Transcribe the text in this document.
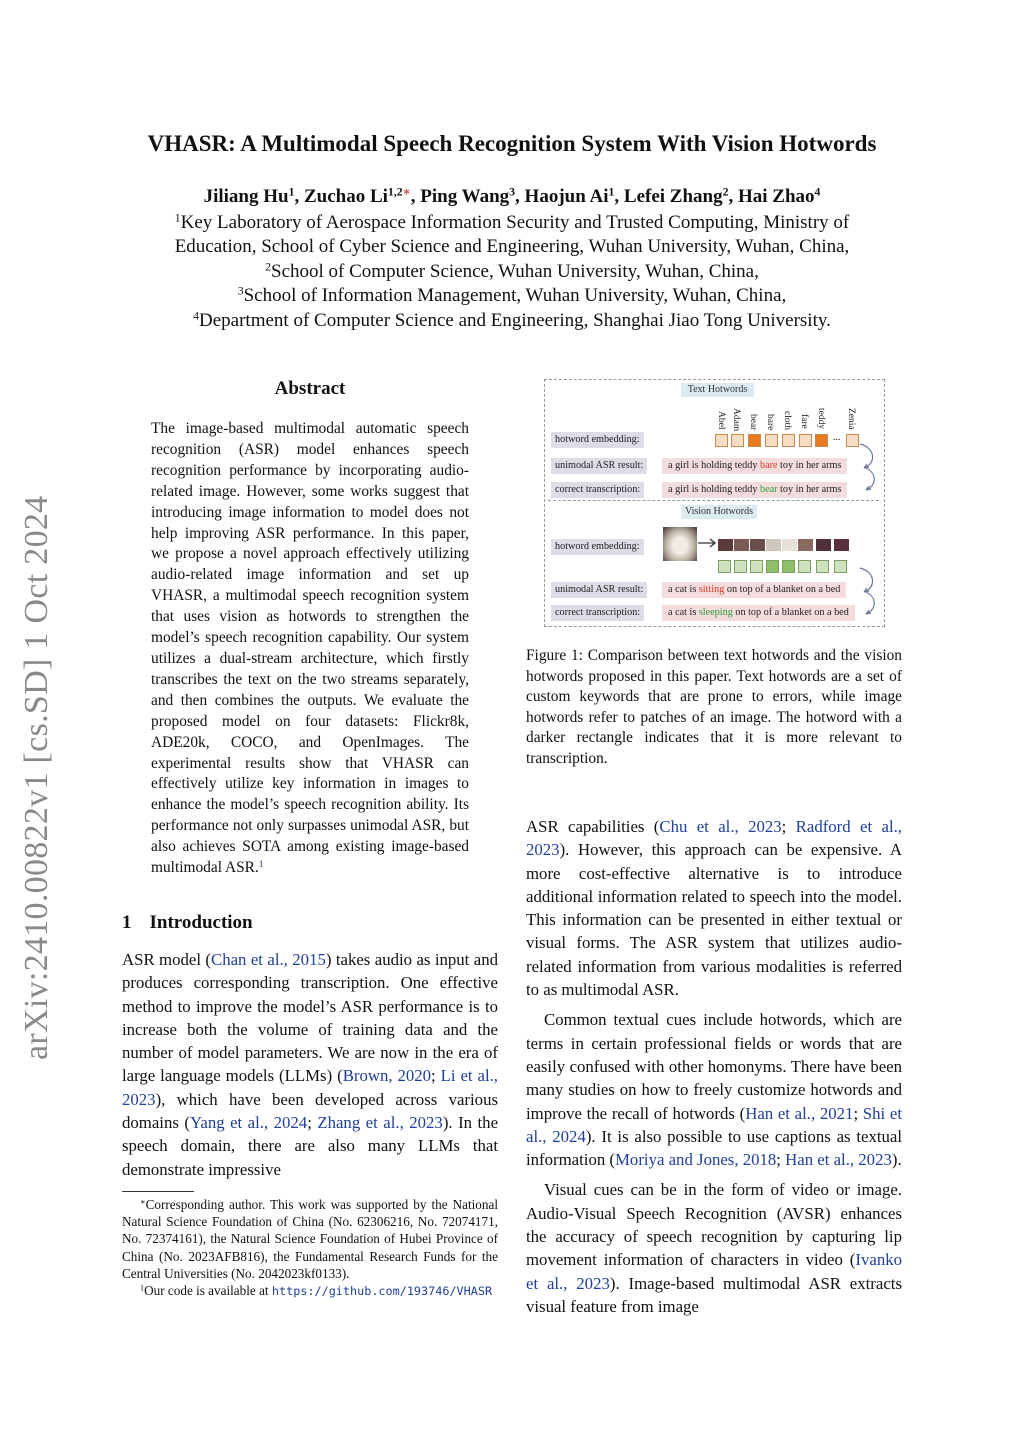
VHASR: A Multimodal Speech Recognition System With Vision Hotwords
Jiliang Hu$^1$, Zuchao $Li^{1,2∗}$, Ping Wang$^3$, Haojun Ai$^1$, Lefei Zhang$^2$, Hai Zhao$^4$
$^1$Key Laboratory of Aerospace Information Security and Trusted Computing, Ministry of
Education, School of Cyber Science and Engineering, Wuhan University, Wuhan, China,
$^2$School of Computer Science, Wuhan University, Wuhan, China,
$^3$School of Information Management, Wuhan University, Wuhan, China,
$^4$Department of Computer Science and Engineering, Shanghai Jiao Tong University.
arXiv:2410.00822v1 [cs.SD] 1 Oct 2024
Abstract
The image-based multimodal automatic speech recognition (ASR) model enhances speech recognition performance by incorporating audio-related image. However, some works suggest that introducing image information to model does not help improving ASR performance. In this paper, we propose a novel approach effectively utilizing audio-related image information and set up VHASR, a multimodal speech recognition system that uses vision as hotwords to strengthen the model’s speech recognition capability. Our system utilizes a dual-stream architecture, which firstly transcribes the text on the two streams separately, and then combines the outputs. We evaluate the proposed model on four datasets: Flickr8k, ADE20k, COCO, and OpenImages. The experimental results show that VHASR can effectively utilize key information in images to enhance the model’s speech recognition ability. Its performance not only surpasses unimodal ASR, but also achieves SOTA among existing image-based multimodal ASR.$^1$
1 Introduction
ASR model (Chan et al., 2015) takes audio as input and produces corresponding transcription. One effective method to improve the model’s ASR performance is to increase both the volume of training data and the number of model parameters. We are now in the era of large language models (LLMs) (Brown, 2020; Li et al., 2023), which have been developed across various domains (Yang et al., 2024; Zhang et al., 2023). In the speech domain, there are also many LLMs that demonstrate impressive

∗Corresponding author. This work was supported by the National Natural Science Foundation of China (No. 62306216, No. 72074171, No. 72374161), the Natural Science Foundation of Hubei Province of China (No. 2023AFB816), the Fundamental Research Funds for the Central Universities (No. 2042023kf0133).

$^1$Our code is available at https://github.com/193746/VHASR

Text Hotwords
Abel Adam bear bare cloth fare teddy Zenia
hotword embedding:	...
unimodal ASR result:	a girl is holding teddy bare toy in her arms
correct transcription:	a girl is holding teddy bear toy in her arms
Vision Hotwords
hotword embedding:
unimodal ASR result:	a cat is sitting on top of a blanket on a bed
correct transcription:	a cat is sleeping on top of a blanket on a bed
Figure 1: Comparison between text hotwords and the vision hotwords proposed in this paper. Text hotwords are a set of custom keywords that are prone to errors, while image hotwords refer to patches of an image. The hotword with a darker rectangle indicates that it is more relevant to transcription.

ASR capabilities (Chu et al., 2023; Radford et al., 2023). However, this approach can be expensive. A more cost-effective alternative is to introduce additional information related to speech into the model. This information can be presented in either textual or visual forms. The ASR system that utilizes audio-related information from various modalities is referred to as multimodal ASR.

Common textual cues include hotwords, which are terms in certain professional fields or words that are easily confused with other homonyms. There have been many studies on how to freely customize hotwords and improve the recall of hotwords (Han et al., 2021; Shi et al., 2024). It is also possible to use captions as textual information (Moriya and Jones, 2018; Han et al., 2023).

Visual cues can be in the form of video or image. Audio-Visual Speech Recognition (AVSR) enhances the accuracy of speech recognition by capturing lip movement information of characters in video (Ivanko et al., 2023). Image-based multimodal ASR extracts visual feature from image
